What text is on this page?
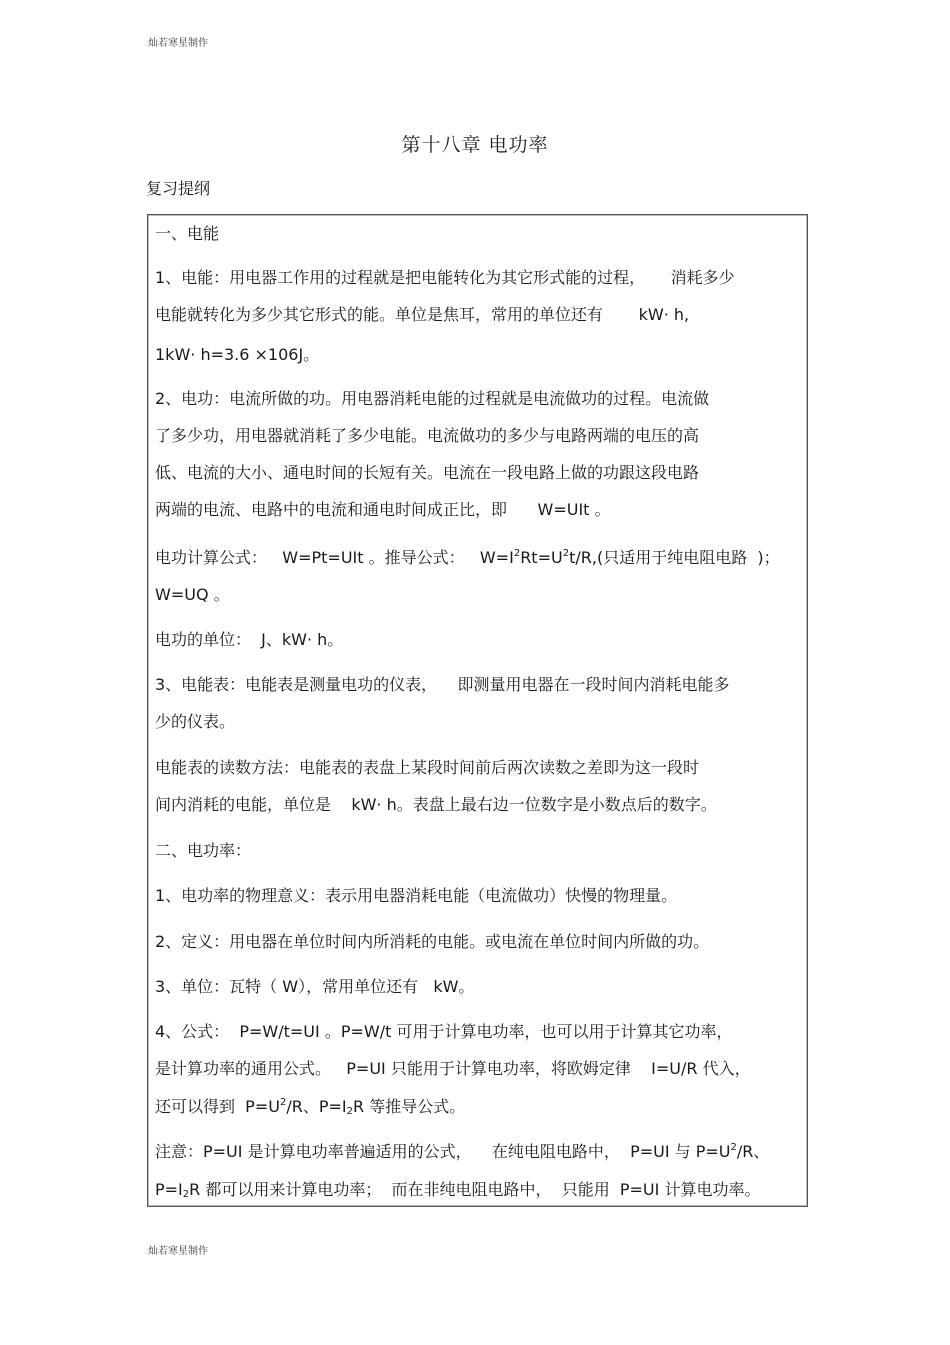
灿若寒星制作
第十八章 电功率
复习提纲
一、电能
1、电能：用电器工作用的过程就是把电能转化为其它形式能的过程，     消耗多少
电能就转化为多少其它形式的能。单位是焦耳，常用的单位还有       kW· h,
1kW· h=3.6 ×106J。
2、电功：电流所做的功。用电器消耗电能的过程就是电流做功的过程。电流做
了多少功，用电器就消耗了多少电能。电流做功的多少与电路两端的电压的高
低、电流的大小、通电时间的长短有关。电流在一段电路上做的功跟这段电路
两端的电流、电路中的电流和通电时间成正比，即      W=UIt 。
电功计算公式：   W=Pt=UIt 。推导公式：   $W=I^2Rt=U^2t/R$,(只适用于纯电阻电路  )；
W=UQ 。
电功的单位：  J、kW· h。
3、电能表：电能表是测量电功的仪表，    即测量用电器在一段时间内消耗电能多
少的仪表。
电能表的读数方法：电能表的表盘上某段时间前后两次读数之差即为这一段时
间内消耗的电能，单位是    kW· h。表盘上最右边一位数字是小数点后的数字。
二、电功率：
1、电功率的物理意义：表示用电器消耗电能（电流做功）快慢的物理量。
2、定义：用电器在单位时间内所消耗的电能。或电流在单位时间内所做的功。
3、单位：瓦特（ W），常用单位还有   kW。
4、公式：  P=W/t=UI 。P=W/t 可用于计算电功率，也可以用于计算其它功率，
是计算功率的通用公式。   P=UI 只能用于计算电功率，将欧姆定律    I=U/R 代入，
还可以得到  $P=U^2/R$、$P=I_2R$ 等推导公式。
注意：P=UI 是计算电功率普遍适用的公式，    在纯电阻电路中，  P=UI 与 $P=U^2/R$、
$P=I_2R$ 都可以用来计算电功率；  而在非纯电阻电路中，  只能用  P=UI 计算电功率。
灿若寒星制作
